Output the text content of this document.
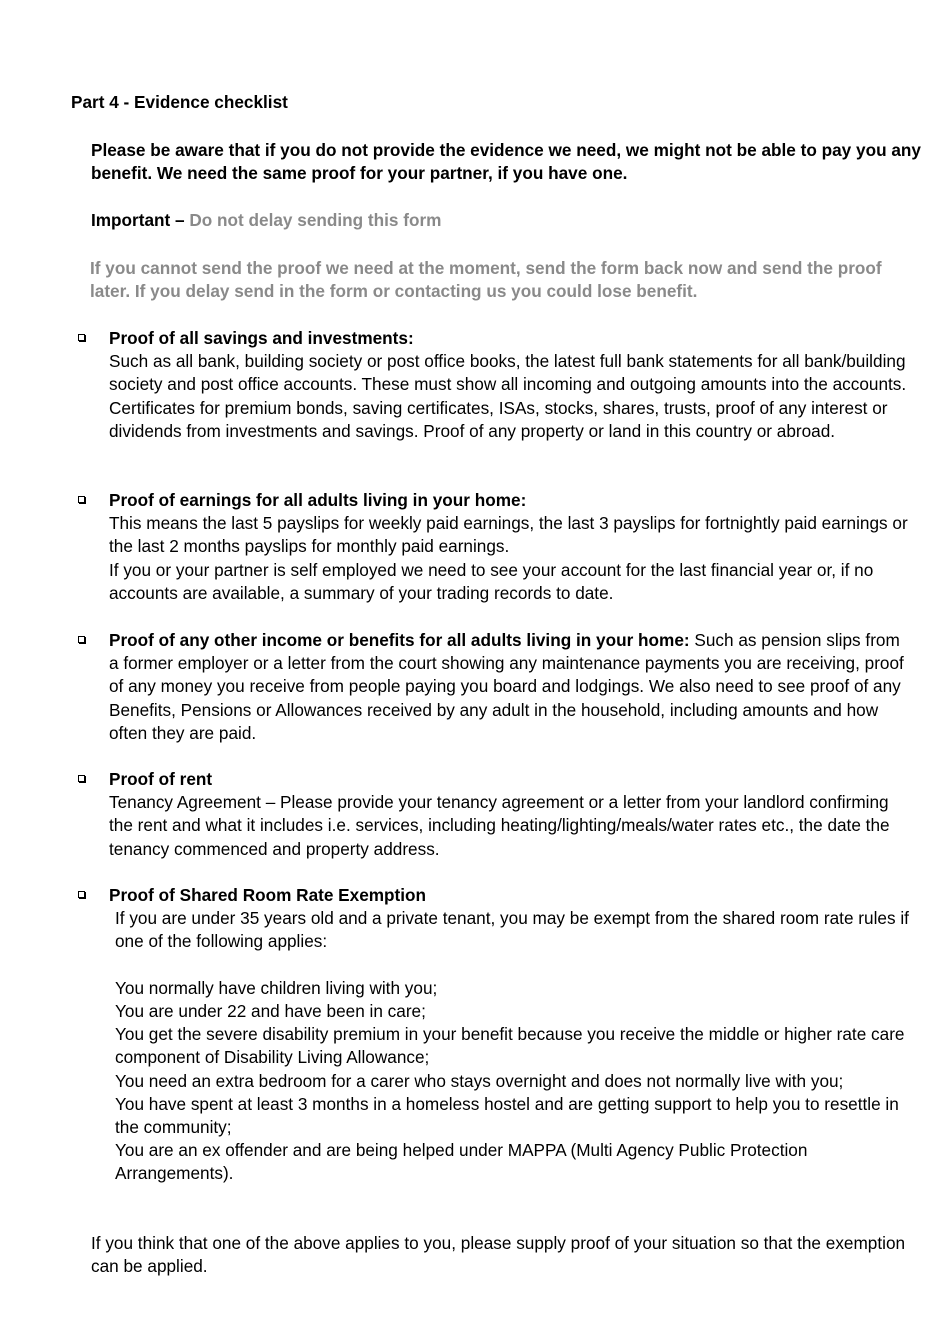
Part 4 - Evidence checklist

Please be aware that if you do not provide the evidence we need, we might not be able to pay you any benefit. We need the same proof for your partner, if you have one.

Important – Do not delay sending this form

If you cannot send the proof we need at the moment, send the form back now and send the proof later. If you delay send in the form or contacting us you could lose benefit.

Proof of all savings and investments:
Such as all bank, building society or post office books, the latest full bank statements for all bank/building society and post office accounts. These must show all incoming and outgoing amounts into the accounts. Certificates for premium bonds, saving certificates, ISAs, stocks, shares, trusts, proof of any interest or dividends from investments and savings. Proof of any property or land in this country or abroad.
Proof of earnings for all adults living in your home:
This means the last 5 payslips for weekly paid earnings, the last 3 payslips for fortnightly paid earnings or the last 2 months payslips for monthly paid earnings.
If you or your partner is self employed we need to see your account for the last financial year or, if no accounts are available, a summary of your trading records to date.
Proof of any other income or benefits for all adults living in your home: Such as pension slips from a former employer or a letter from the court showing any maintenance payments you are receiving, proof of any money you receive from people paying you board and lodgings. We also need to see proof of any Benefits, Pensions or Allowances received by any adult in the household, including amounts and how often they are paid.
Proof of rent
Tenancy Agreement – Please provide your tenancy agreement or a letter from your landlord confirming the rent and what it includes i.e. services, including heating/lighting/meals/water rates etc., the date the tenancy commenced and property address.
Proof of Shared Room Rate Exemption
If you are under 35 years old and a private tenant, you may be exempt from the shared room rate rules if one of the following applies:
You normally have children living with you;
You are under 22 and have been in care;
You get the severe disability premium in your benefit because you receive the middle or higher rate care component of Disability Living Allowance;
You need an extra bedroom for a carer who stays overnight and does not normally live with you;
You have spent at least 3 months in a homeless hostel and are getting support to help you to resettle in the community;
You are an ex offender and are being helped under MAPPA (Multi Agency Public Protection Arrangements).

If you think that one of the above applies to you, please supply proof of your situation so that the exemption can be applied.
